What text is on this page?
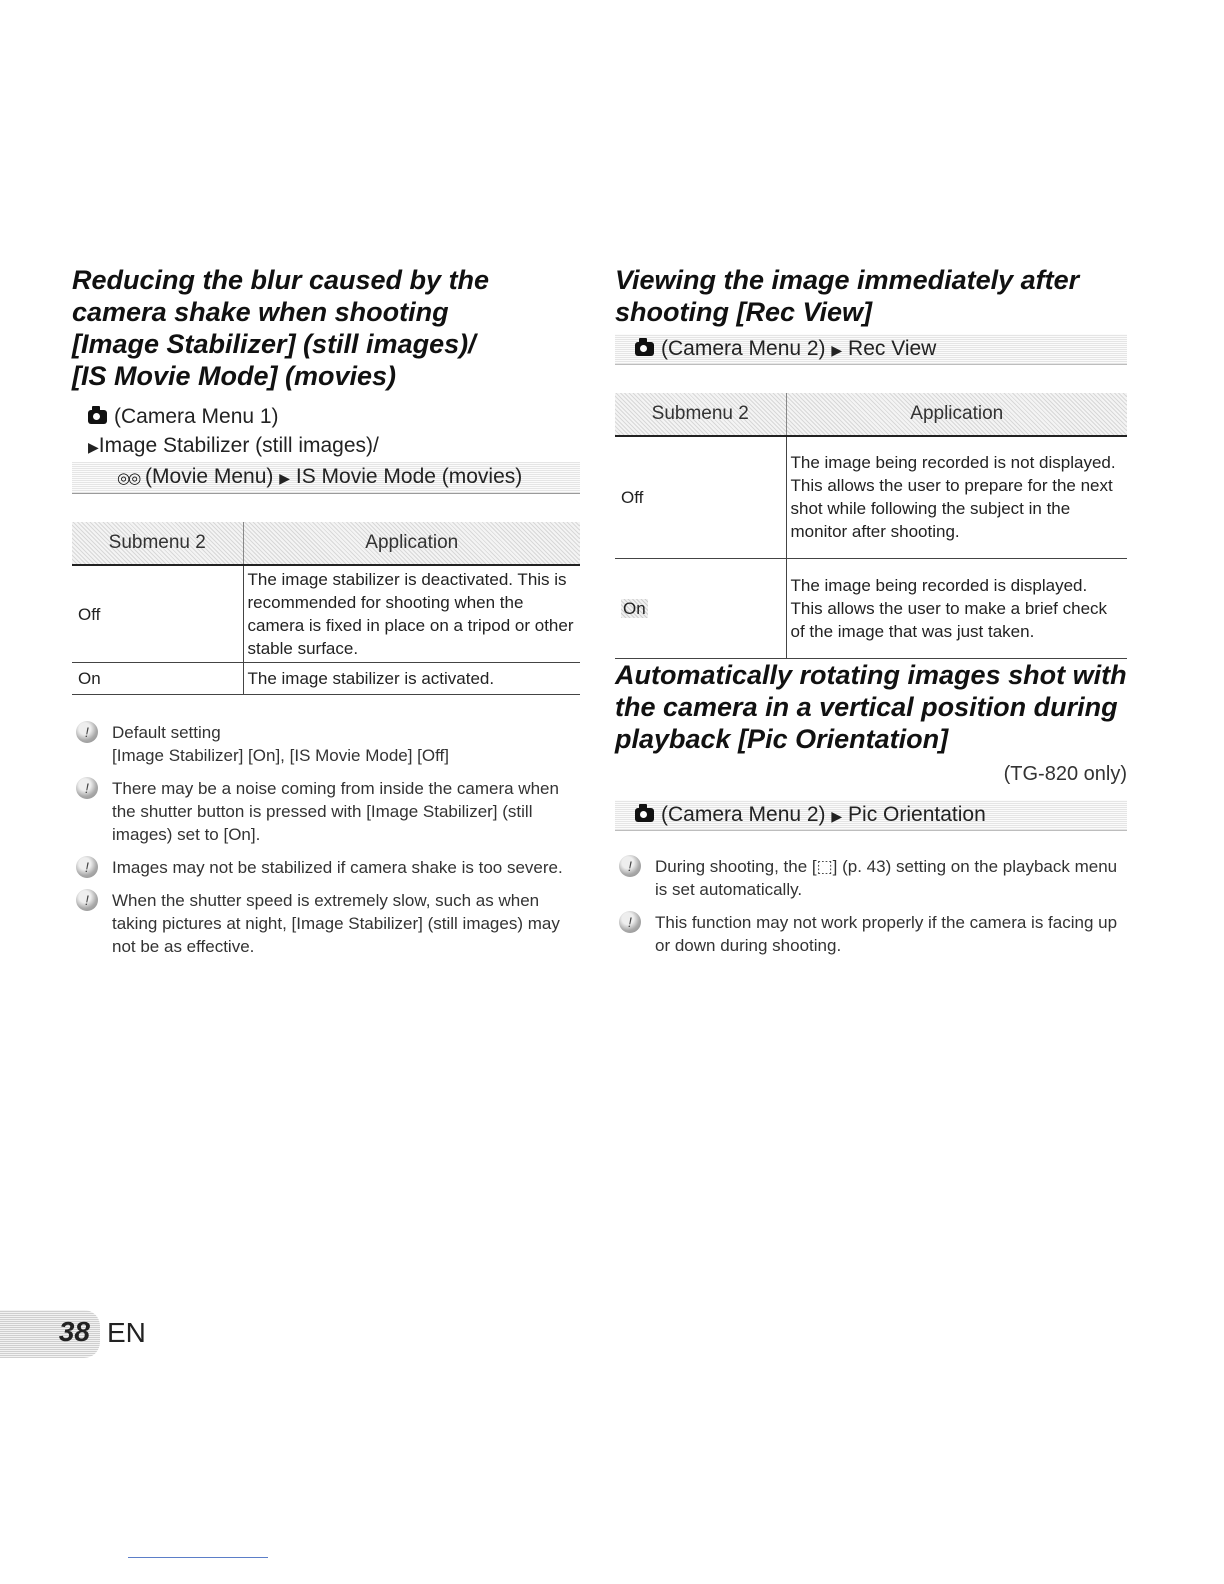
Reducing the blur caused by the
camera shake when shooting
[Image Stabilizer] (still images)/
[IS Movie Mode] (movies)
(Camera Menu 1)
▶Image Stabilizer (still images)/
◎◎ (Movie Menu) ▶ IS Movie Mode (movies)
Submenu 2	Application
Off	The image stabilizer is deactivated. This is recommended for shooting when the camera is fixed in place on a tripod or other stable surface.
On	The image stabilizer is activated.
!	Default setting
[Image Stabilizer] [On], [IS Movie Mode] [Off]
!	There may be a noise coming from inside the camera when the shutter button is pressed with [Image Stabilizer] (still images) set to [On].
!	Images may not be stabilized if camera shake is too severe.
!	When the shutter speed is extremely slow, such as when taking pictures at night, [Image Stabilizer] (still images) may not be as effective.
Viewing the image immediately after
shooting [Rec View]
(Camera Menu 2) ▶ Rec View
Submenu 2	Application
Off	The image being recorded is not displayed. This allows the user to prepare for the next shot while following the subject in the monitor after shooting.
On	The image being recorded is displayed. This allows the user to make a brief check of the image that was just taken.
Automatically rotating images shot with
the camera in a vertical position during
playback [Pic Orientation]
(TG-820 only)
(Camera Menu 2) ▶ Pic Orientation
!	During shooting, the [⬚] (p. 43) setting on the playback menu is set automatically.
!	This function may not work properly if the camera is facing up or down during shooting.
38 EN
